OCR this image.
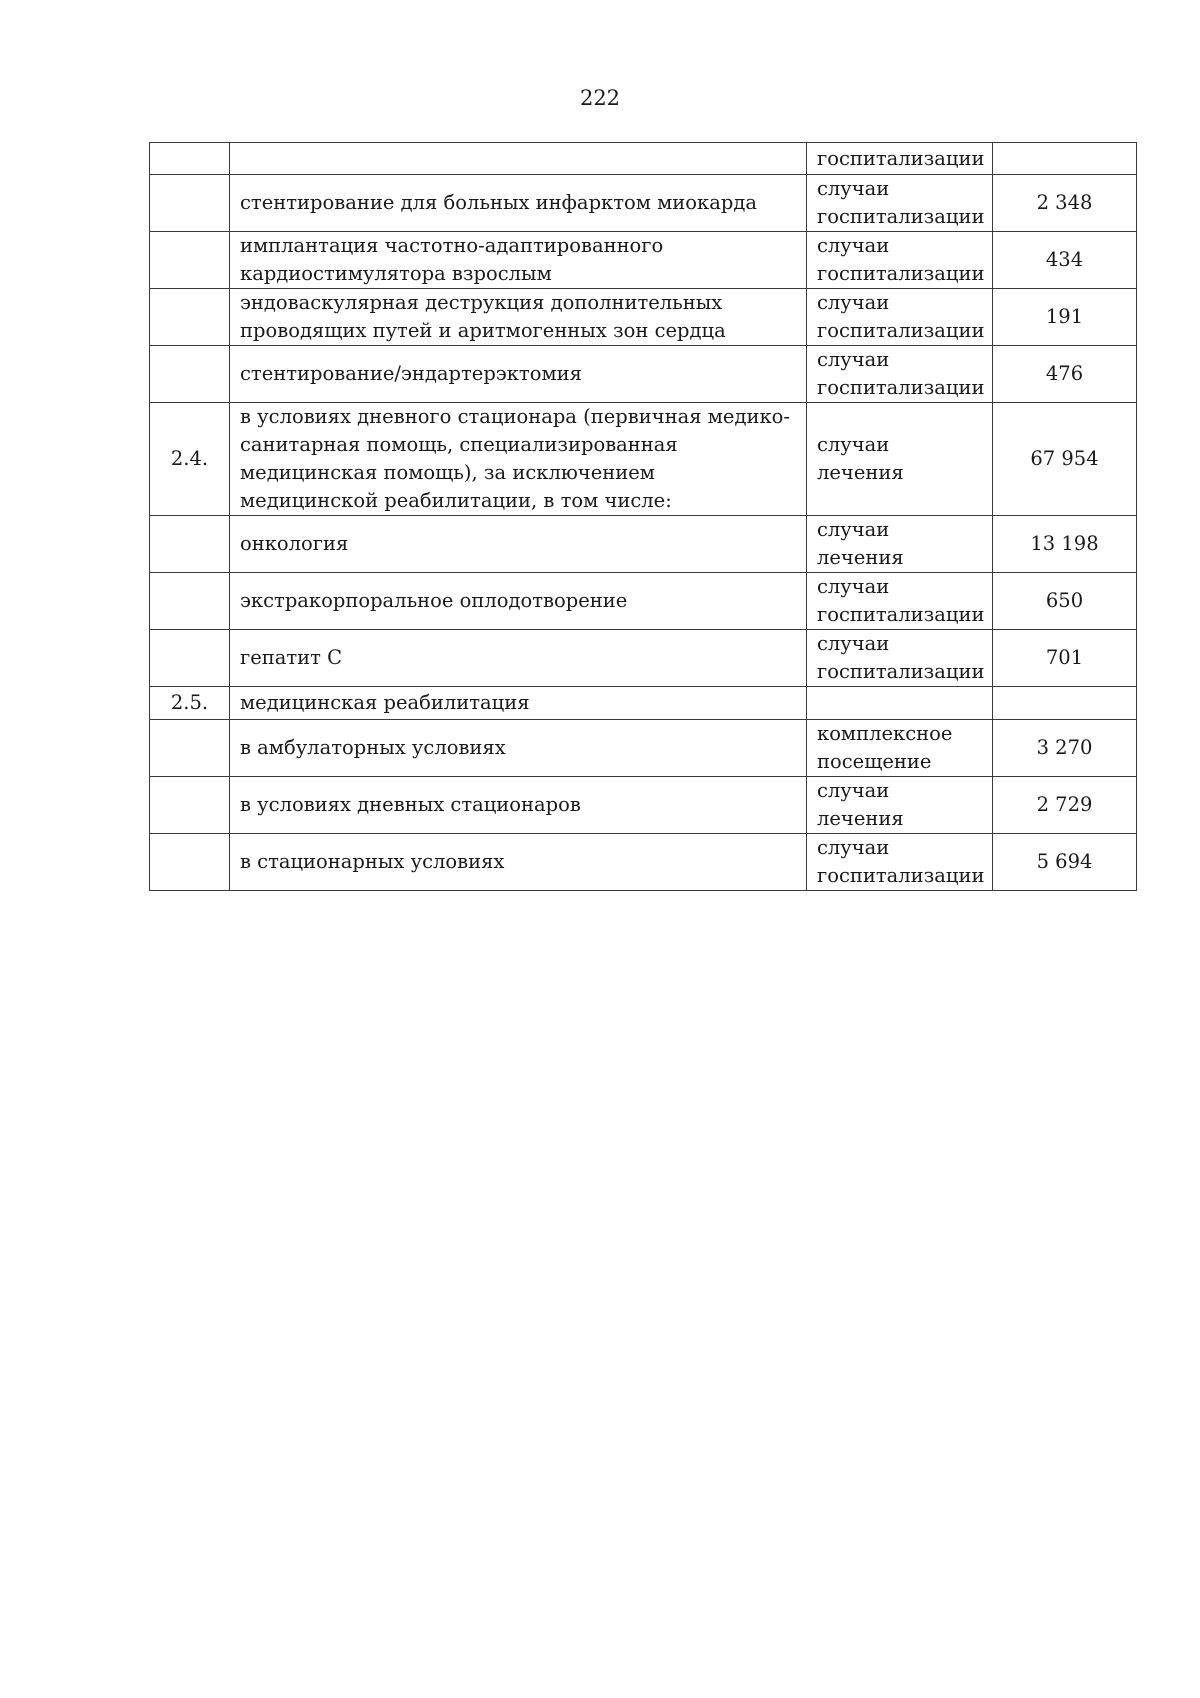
222

		госпитализации	

	стентирование для больных инфарктом миокарда	случаи
госпитализации	2 348
	имплантация частотно-адаптированного кардиостимулятора взрослым	случаи
госпитализации	434
	эндоваскулярная деструкция дополнительных проводящих путей и аритмогенных зон сердца	случаи
госпитализации	191
	стентирование/эндартерэктомия	случаи
госпитализации	476
2.4.	в условиях дневного стационара (первичная медико-санитарная помощь, специализированная медицинская помощь), за исключением медицинской реабилитации, в том числе:	случаи лечения	67 954
	онкология	случаи лечения	13 198
	экстракорпоральное оплодотворение	случаи
госпитализации	650
	гепатит С	случаи
госпитализации	701
2.5.	медицинская реабилитация	

	в амбулаторных условиях	комплексное
посещение	3 270
	в условиях дневных стационаров	случаи лечения	2 729
	в стационарных условиях	случаи
госпитализации	5 694
